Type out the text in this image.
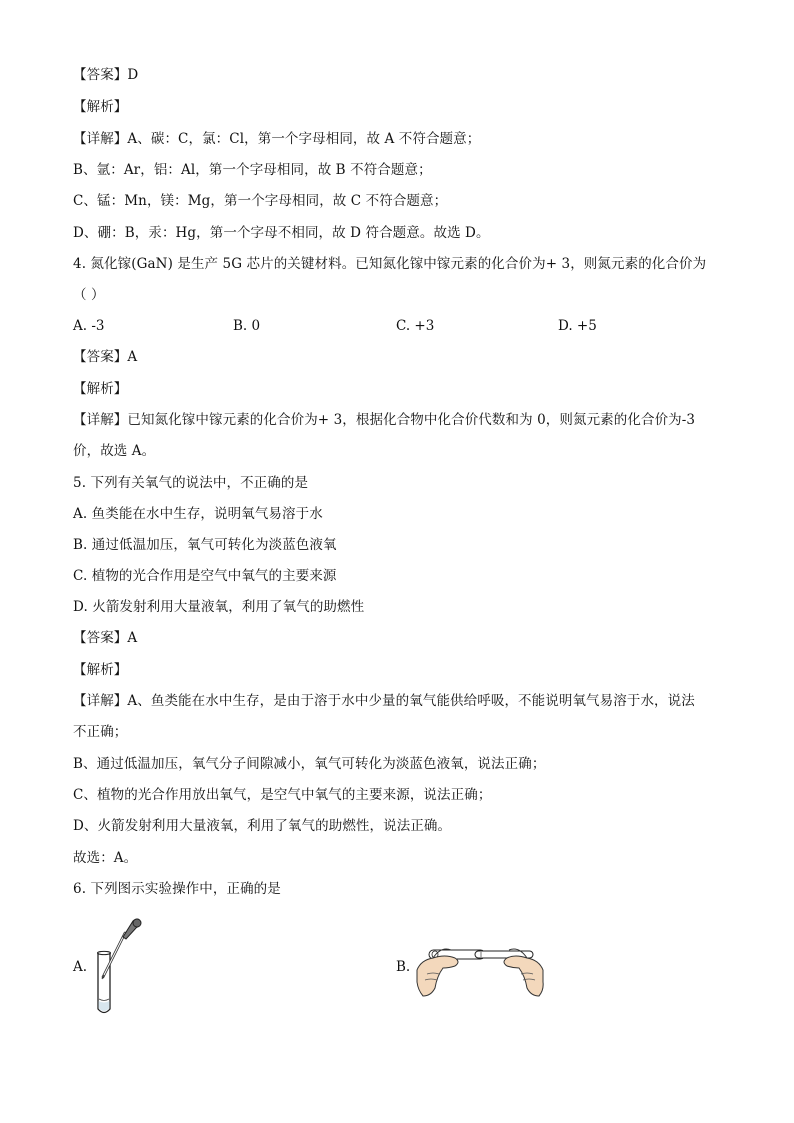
【答案】D
【解析】
【详解】A、碳：C，氯：Cl，第一个字母相同，故 A 不符合题意；
B、氩：Ar，铝：Al，第一个字母相同，故 B 不符合题意；
C、锰：Mn，镁：Mg，第一个字母相同，故 C 不符合题意；
D、硼：B，汞：Hg，第一个字母不相同，故 D 符合题意。故选 D。
4. 氮化镓(GaN) 是生产 5G 芯片的关键材料。已知氮化镓中镓元素的化合价为+ 3，则氮元素的化合价为
（ ）
A. -3	B. 0	C. +3	D. +5
【答案】A
【解析】
【详解】已知氮化镓中镓元素的化合价为+ 3，根据化合物中化合价代数和为 0，则氮元素的化合价为-3
价，故选 A。
5. 下列有关氧气的说法中，不正确的是
A. 鱼类能在水中生存，说明氧气易溶于水
B. 通过低温加压，氧气可转化为淡蓝色液氧
C. 植物的光合作用是空气中氧气的主要来源
D. 火箭发射利用大量液氧，利用了氧气的助燃性
【答案】A
【解析】
【详解】A、鱼类能在水中生存，是由于溶于水中少量的氧气能供给呼吸，不能说明氧气易溶于水，说法
不正确；
B、通过低温加压，氧气分子间隙减小，氧气可转化为淡蓝色液氧，说法正确；
C、植物的光合作用放出氧气，是空气中氧气的主要来源，说法正确；
D、火箭发射利用大量液氧，利用了氧气的助燃性，说法正确。
故选：A。
6. 下列图示实验操作中，正确的是
A.	B.
